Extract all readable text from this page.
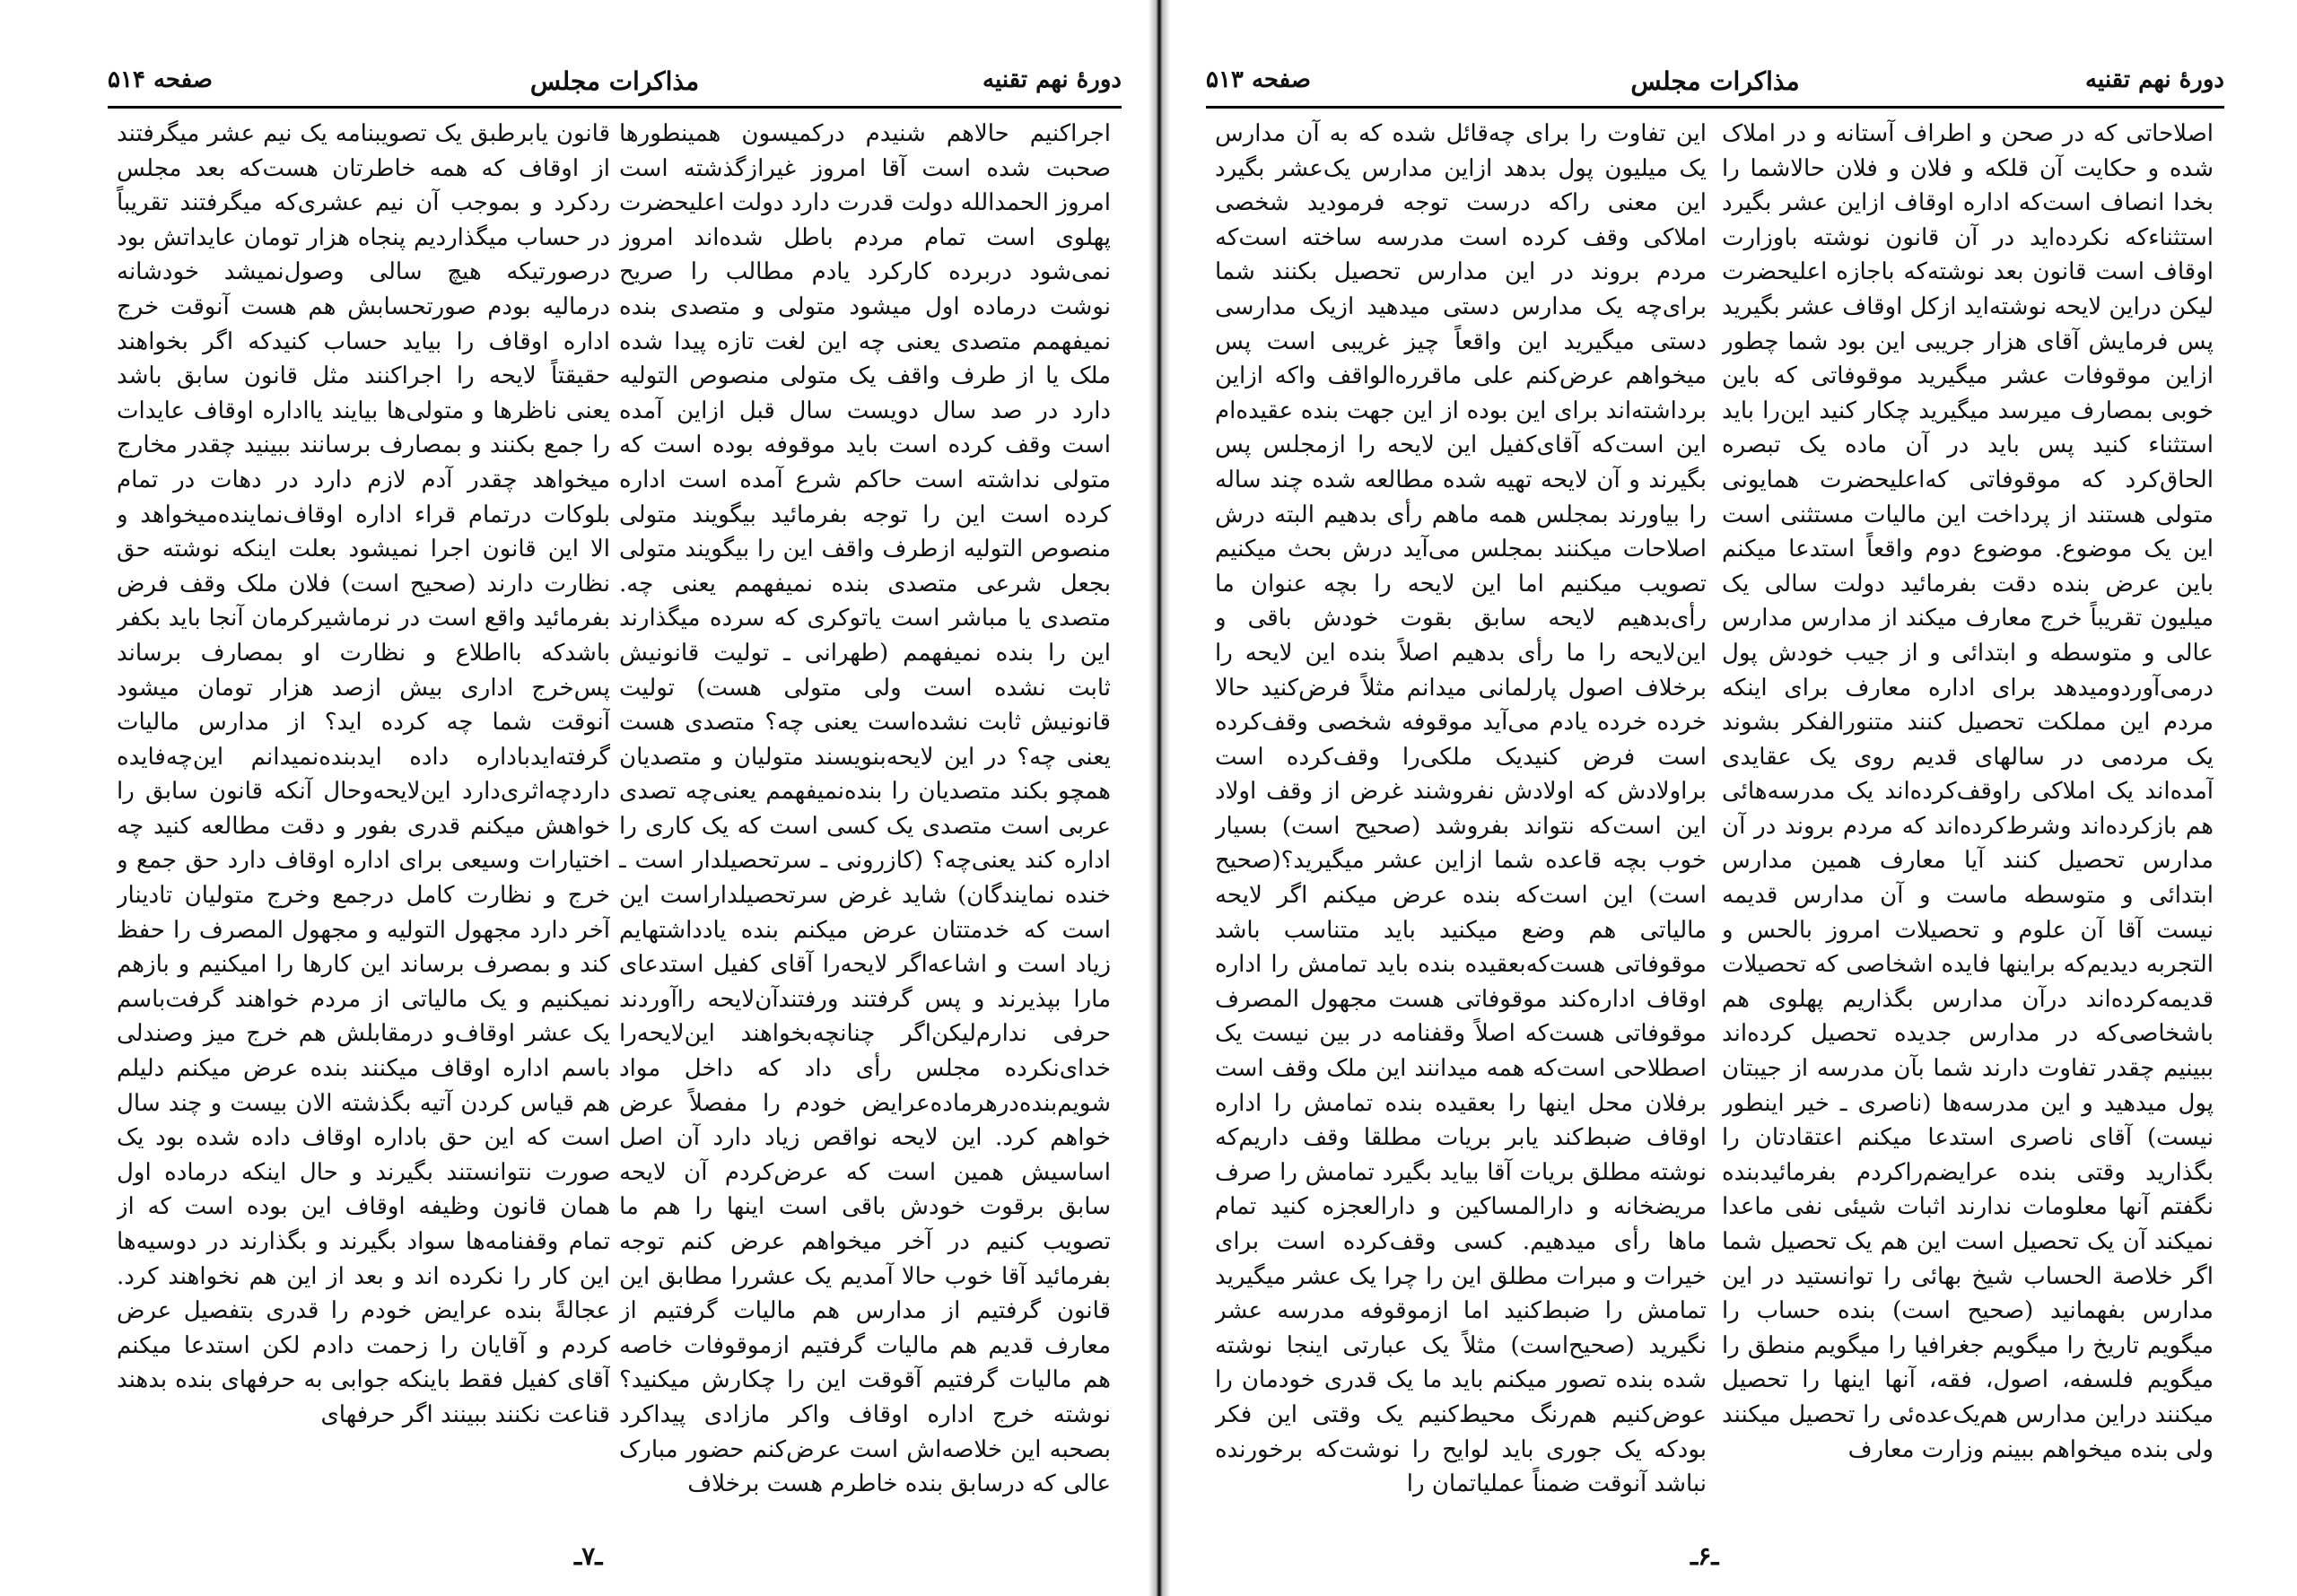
دورهٔ نهم تقنیه
مذاکرات مجلس
صفحه ۵۱۴

اجراکنیم حالاهم شنیدم درکمیسون همینطورها صحبت شده است آقا امروز غیرازگذشته است امروز الحمدالله دولت قدرت دارد دولت اعلیحضرت پهلوی است تمام مردم باطل شده‌اند امروز نمی‌شود دربرده کارکرد یادم مطالب را صریح نوشت درماده اول میشود متولی و متصدی بنده نمیفهمم متصدی یعنی چه این لغت تازه پیدا شده ملک یا از طرف واقف یک متولی منصوص التولیه دارد در صد سال دویست سال قبل ازاین آمده است وقف کرده است باید موقوفه بوده است که متولی نداشته است حاکم شرع آمده است اداره کرده است این را توجه بفرمائید بیگویند متولی منصوص التولیه ازطرف واقف این را بیگویند متولی بجعل شرعی متصدی بنده نمیفهمم یعنی چه. متصدی یا مباشر است یاتوکری که سرده میگذارند این را بنده نمیفهمم (طهرانی ـ تولیت قانونیش ثابت نشده است ولی متولی هست) تولیت قانونیش ثابت نشده‌است یعنی چه؟ متصدی هست یعنی چه؟ در این لایحه‌بنویسند متولیان و متصدیان همچو بکند متصدیان را بنده‌نمیفهمم یعنی‌چه تصدی عربی است متصدی یک کسی است که یک کاری را اداره کند یعنی‌چه؟ (کازرونی ـ سرتحصیلدار است ـ خنده نمایندگان) شاید غرض سرتحصیلداراست این است که خدمتتان عرض میکنم بنده یادداشتهایم زیاد است و اشاعه‌اگر لایحه‌را آقای کفیل استدعای مارا بپذیرند و پس گرفتند ورفتندآن‌لایحه را‌آوردند حرفی ندارم‌لیکن‌اگر چنانچه‌بخواهند این‌لایحه‌را خدای‌نکرده مجلس رأی داد که داخل مواد شویم‌بنده‌درهرماده‌عرایض خودم را مفصلاً عرض خواهم کرد. این لایحه نواقص زیاد دارد آن اصل اساسیش همین است که عرض‌کردم آن لایحه سابق برقوت خودش باقی است اینها را هم ما تصویب کنیم در آخر میخواهم عرض کنم توجه بفرمائید آقا خوب حالا آمدیم یک عشررا مطابق این قانون گرفتیم از مدارس هم مالیات گرفتیم از معارف قدیم هم مالیات گرفتیم ازموقوفات خاصه هم مالیات گرفتیم آقوقت این را چکارش میکنید؟ نوشته خرج اداره اوقاف واکر مازادی پیداکرد بصحبه این خلاصه‌اش است عرض‌کنم حضور مبارک عالی که درسابق بنده خاطرم هست برخلاف

قانون یابرطبق یک تصویبنامه یک نیم عشر میگرفتند از اوقاف که همه خاطرتان هست‌که بعد مجلس ردکرد و بموجب آن نیم عشری‌که میگرفتند تقریباً در حساب میگذاردیم پنجاه هزار تومان عایداتش بود درصورتیکه هیچ سالی وصول‌نمیشد خودشانه درماليه بودم صورتحسابش هم هست آنوقت خرج اداره اوقاف را بیاید حساب کنیدکه اگر بخواهند حقیقتاً لایحه را اجراکنند مثل قانون سابق باشد یعنی ناظرها و متولی‌ها بیایند یااداره اوقاف عایدات را جمع بکنند و بمصارف برسانند ببینید چقدر مخارج میخواهد چقدر آدم لازم دارد در دهات در تمام بلوکات درتمام قراء اداره اوقاف‌نماینده‌میخواهد و الا این قانون اجرا نمیشود بعلت اینکه نوشته حق نظارت دارند (صحیح است) فلان ملک وقف فرض بفرمائید واقع است در نرماشیر‌کرمان آنجا باید بکفر باشدکه بااطلاع و نظارت او بمصارف برساند پس‌خرج اداری بیش ازصد هزار تومان میشود آنوقت شما چه کرده اید؟ از مدارس مالیات گرفته‌اید‌باداره داده اید‌بنده‌نمیدانم این‌چه‌فایده داردچه‌اثری‌دارد این‌لایحه‌وحال آنکه قانون سابق را خواهش میکنم قدری بفور و دقت مطالعه کنید چه اختیارات وسیعی برای اداره اوقاف دارد حق جمع و خرج و نظارت کامل درجمع وخرج متولیان تادینار آخر دارد مجهول التولیه و مجهول المصرف را حفظ کند و بمصرف برساند این کارها را امیکنیم و بازهم نمیکنیم و یک مالیاتی از مردم خواهند گرفت‌باسم یک عشر اوقاف‌و درمقابلش هم خرج میز وصندلی باسم اداره اوقاف میکنند بنده عرض میکنم دلیلم هم قیاس کردن آتیه بگذشته الان بیست و چند سال است که این حق باداره اوقاف داده شده بود یک صورت نتوانستند بگیرند و حال اینکه درماده اول همان قانون وظیفه اوقاف این بوده است که از تمام وقفنامه‌ها سواد بگیرند و بگذارند در دوسیه‌ها این کار را نکرده اند و بعد از این هم نخواهند کرد. عجالةً بنده عرایض خودم را قدری بتفصیل عرض کردم و آقایان را زحمت دادم لکن استدعا میکنم آقای کفیل فقط باینکه جوابی به حرفهای بنده بدهند قناعت نکنند ببینند اگر حرفهای

ـ۷ـ
دورهٔ نهم تقنیه
مذاکرات مجلس
صفحه ۵۱۳

اصلاحاتی که در صحن و اطراف آستانه و در املاک شده و حکایت آن قلکه و فلان و فلان حالاشما را بخدا انصاف است‌که اداره اوقاف ازاین عشر بگیرد استثناءکه نکرده‌اید در آن قانون نوشته باوزارت اوقاف است قانون بعد نوشته‌که باجازه اعلیحضرت لیکن دراین لایحه نوشته‌اید ازکل اوقاف عشر بگیرید پس فرمایش آقای هزار جریبی این بود شما چطور ازاین موقوفات عشر میگیرید موقوفاتی که باین خوبی بمصارف میرسد میگیرید چکار کنید این‌را باید استثناء کنید پس باید در آن ماده یک تبصره الحاق‌کرد که موقوفاتی که‌اعلیحضرت همایونی متولی هستند از پرداخت این مالیات مستثنی است این یک موضوع. موضوع دوم واقعاً استدعا میکنم باین عرض بنده دقت بفرمائید دولت سالی یک میلیون تقریباً خرج معارف میکند از مدارس مدارس عالی و متوسطه و ابتدائی و از جیب خودش پول درمی‌آوردومیدهد برای اداره معارف برای اینکه مردم این مملکت تحصیل کنند متنورالفکر بشوند یک مردمی در سالهای قدیم روی یک عقایدی آمده‌اند یک املاکی راوقف‌کرده‌اند یک مدرسه‌هائی هم بازکرده‌اند وشرط‌کرده‌اند که مردم بروند در آن مدارس تحصیل کنند آیا معارف همین مدارس ابتدائی و متوسطه ماست و آن مدارس قدیمه نیست آقا آن علوم و تحصیلات امروز بالحس و التجربه دیدیم‌که براینها فایده اشخاصی که تحصیلات قدیمه‌کرده‌اند درآن مدارس بگذاریم پهلوی هم باشخاصی‌که در مدارس جدیده تحصیل کرده‌اند ببینیم چقدر تفاوت دارند شما بآن مدرسه از جیبتان پول میدهید و این مدرسه‌ها (ناصری ـ خیر اینطور نیست) آقای ناصری استدعا میکنم اعتقادتان را بگذارید وقتی بنده عرایضم‌را‌کردم بفرمائیدبنده نگفتم آنها معلومات ندارند اثبات شیئی نفی ماعدا نمیکند آن یک تحصیل است این هم یک تحصیل شما اگر خلاصة الحساب شیخ بهائی را توانستید در این مدارس بفهمانید (صحیح است) بنده حساب را میگویم تاریخ را میگویم جغرافیا را میگویم منطق را میگویم فلسفه، اصول، فقه، آنها اینها را تحصیل میکنند دراین مدارس هم‌یک‌عده‌ئی را تحصیل میکنند ولی بنده میخواهم ببینم وزارت معارف

این تفاوت را برای چه‌قائل شده که به آن مدارس یک میلیون پول بدهد ازاین مدارس یک‌عشر بگیرد این معنی راکه درست توجه فرمودید شخصی املاکی وقف کرده است مدرسه ساخته است‌که مردم بروند در این مدارس تحصیل بکنند شما برای‌چه یک مدارس دستی میدهید ازیک مدارسی دستی میگیرید این واقعاً چیز غریبی است پس میخواهم عرض‌کنم علی ماقرره‌الواقف واکه ازاین برداشته‌اند برای این بوده از این جهت بنده عقیده‌ام این است‌که آقای‌کفیل این لایحه را ازمجلس پس بگیرند و آن لایحه تهیه شده مطالعه شده چند ساله را بیاورند بمجلس همه ماهم رأی بدهیم البته درش اصلاحات میکنند بمجلس می‌آید درش بحث میکنیم تصویب میکنیم اما این لایحه را بچه عنوان ما رأی‌بدهیم لایحه سابق بقوت خودش باقی و این‌لایحه را ما رأی بدهیم اصلاً بنده این لایحه را برخلاف اصول پارلمانی میدانم مثلاً فرض‌کنید حالا خرده خرده یادم می‌آید موقوفه شخصی وقف‌کرده است فرض کنیدیک ملکی‌را وقف‌کرده است براولادش که اولادش نفروشند غرض از وقف اولاد این است‌که نتواند بفروشد (صحیح است) بسیار خوب بچه قاعده شما ازاین عشر میگیرید؟(صحیح است) این است‌که بنده عرض میکنم اگر لایحه مالیاتی هم وضع میکنید باید متناسب باشد موقوفاتی هست‌که‌بعقیده بنده باید تمامش را اداره اوقاف اداره‌کند موقوفاتی هست مجهول المصرف موقوفاتی هست‌که اصلاً وقفنامه در بین نیست یک اصطلاحی است‌که همه میدانند این ملک وقف است برفلان محل اینها را بعقیده بنده تمامش را اداره اوقاف ضبط‌کند یابر بریات مطلقا وقف داریم‌که نوشته مطلق بریات آقا بیاید بگیرد تمامش را صرف مریضخانه و دارالمساکین و دارالعجزه کنید تمام ماها رأی میدهیم. کسی وقف‌کرده است برای خیرات و مبرات مطلق این را چرا یک عشر میگیرید تمامش را ضبط‌کنید اما ازموقوفه مدرسه عشر نگیرید (صحیح‌است) مثلاً یک عبارتی اینجا نوشته شده بنده تصور میکنم باید ما یک قدری خودمان را عوض‌کنیم هم‌رنگ محیط‌کنیم یک وقتی این فکر بود‌که یک جوری باید لوایح را نوشت‌که برخورنده نباشد آنوقت ضمناً عملیاتمان را

ـ۶ـ
